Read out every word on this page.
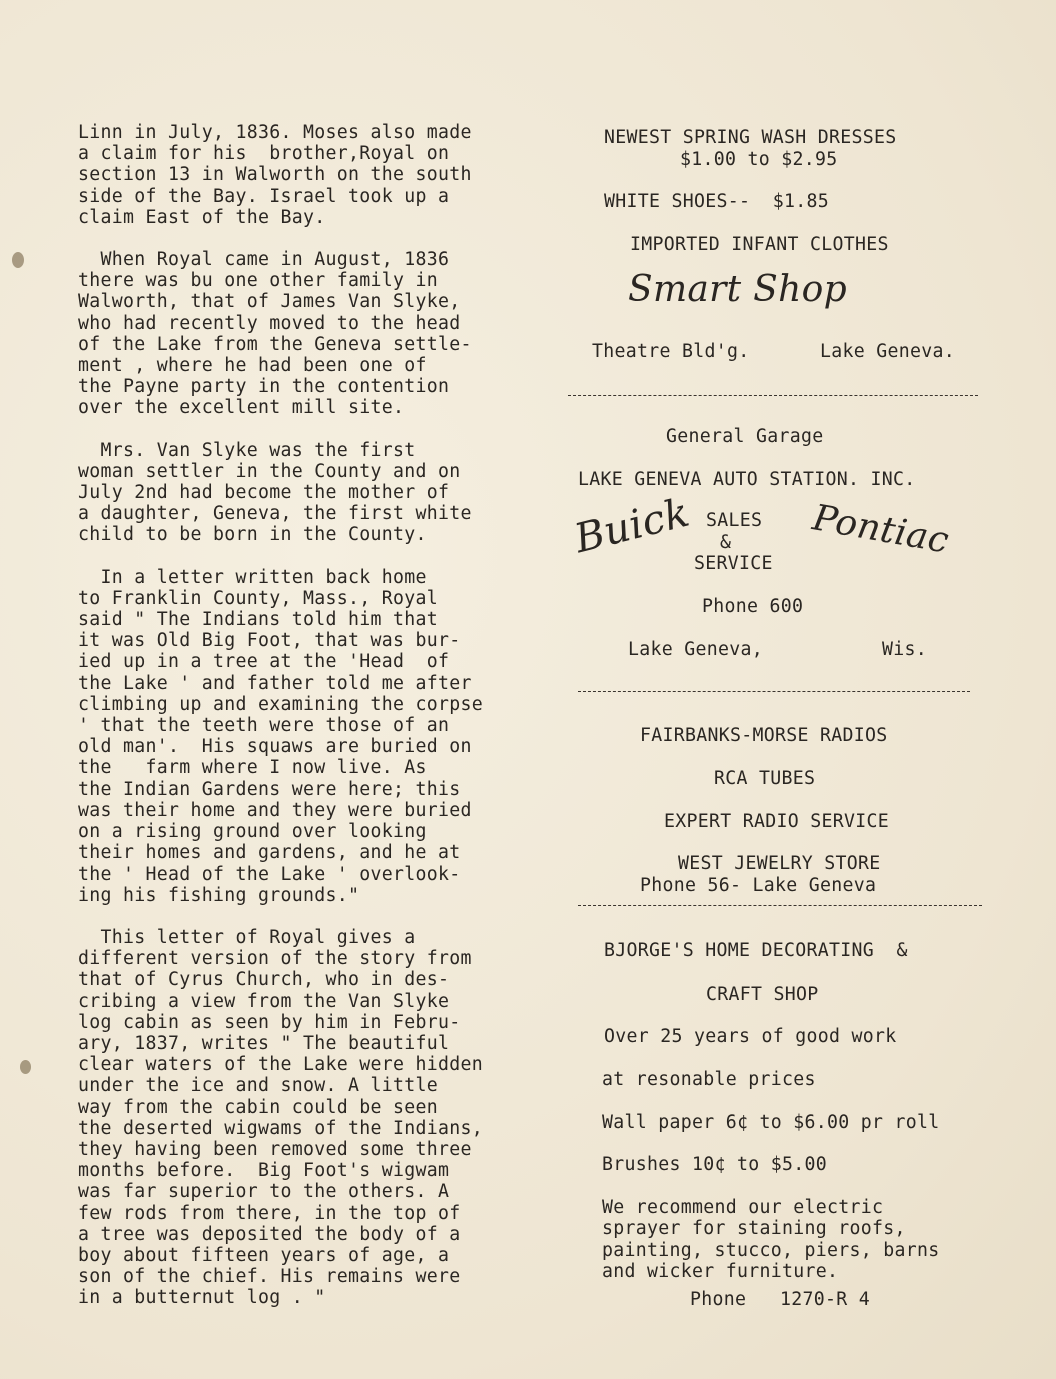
Linn in July, 1836. Moses also made
a claim for his  brother,Royal on
section 13 in Walworth on the south
side of the Bay. Israel took up a
claim East of the Bay.
When Royal came in August, 1836
there was bu one other family in
Walworth, that of James Van Slyke,
who had recently moved to the head
of the Lake from the Geneva settle-
ment , where he had been one of
the Payne party in the contention
over the excellent mill site.
Mrs. Van Slyke was the first
woman settler in the County and on
July 2nd had become the mother of
a daughter, Geneva, the first white
child to be born in the County.
In a letter written back home
to Franklin County, Mass., Royal
said " The Indians told him that
it was Old Big Foot, that was bur-
ied up in a tree at the 'Head  of
the Lake ' and father told me after
climbing up and examining the corpse
' that the teeth were those of an
old man'.  His squaws are buried on
the   farm where I now live. As
the Indian Gardens were here; this
was their home and they were buried
on a rising ground over looking
their homes and gardens, and he at
the ' Head of the Lake ' overlook-
ing his fishing grounds."
This letter of Royal gives a
different version of the story from
that of Cyrus Church, who in des-
cribing a view from the Van Slyke
log cabin as seen by him in Febru-
ary, 1837, writes " The beautiful
clear waters of the Lake were hidden
under the ice and snow. A little
way from the cabin could be seen
the deserted wigwams of the Indians,
they having been removed some three
months before.  Big Foot's wigwam
was far superior to the others. A
few rods from there, in the top of
a tree was deposited the body of a
boy about fifteen years of age, a
son of the chief. His remains were
in a butternut log . "
NEWEST SPRING WASH DRESSES
$1.00 to $2.95
WHITE SHOES--  $1.85
IMPORTED INFANT CLOTHES
Smart Shop
Theatre Bld'g.	Lake Geneva.
General Garage
LAKE GENEVA AUTO STATION. INC.
Buick SALES
&
SERVICE
Pontiac
Phone 600
Lake Geneva,	Wis.
FAIRBANKS-MORSE RADIOS
RCA TUBES
EXPERT RADIO SERVICE
WEST JEWELRY STORE
Phone 56- Lake Geneva
BJORGE'S HOME DECORATING  &
CRAFT SHOP
Over 25 years of good work
at resonable prices
Wall paper 6¢ to $6.00 pr roll
Brushes 10¢ to $5.00
We recommend our electric
sprayer for staining roofs,
painting, stucco, piers, barns
and wicker furniture.
Phone   1270-R 4
